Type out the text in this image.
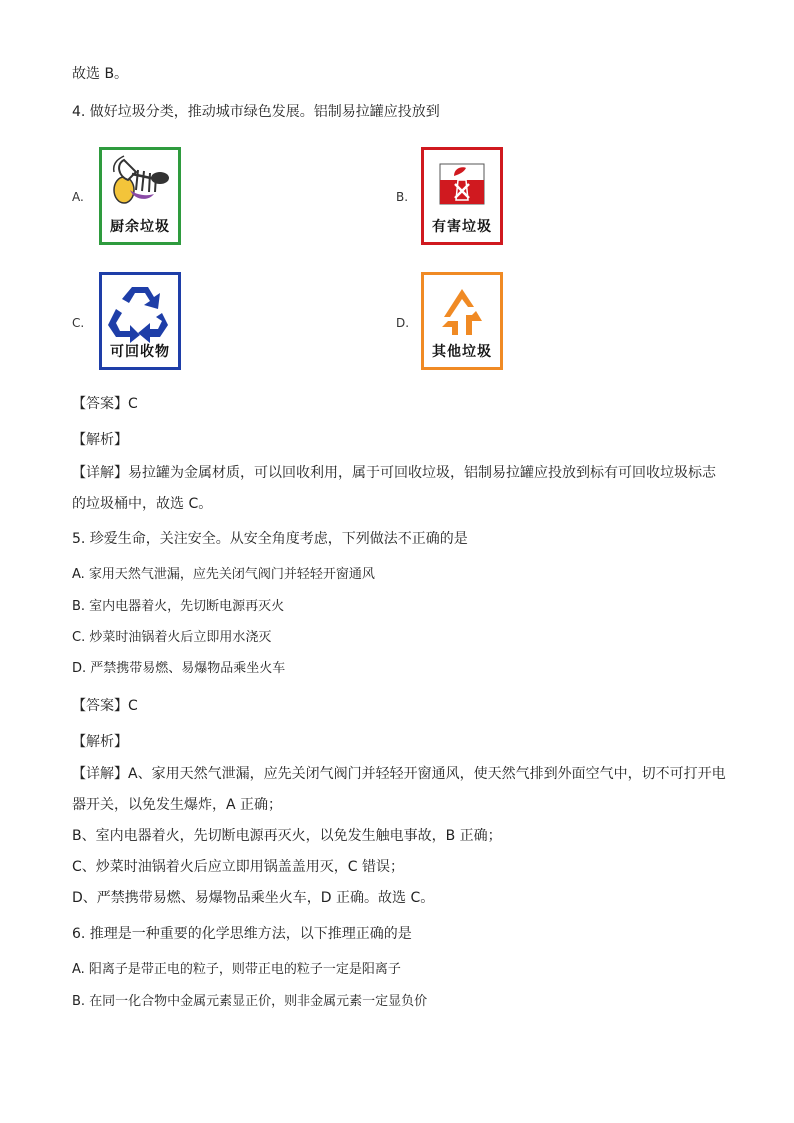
故选 B。
4. 做好垃圾分类，推动城市绿色发展。铝制易拉罐应投放到
A.
厨余垃圾
B.
有害垃圾
C.
可回收物
D.
其他垃圾
【答案】C
【解析】
【详解】易拉罐为金属材质，可以回收利用，属于可回收垃圾，铝制易拉罐应投放到标有可回收垃圾标志
的垃圾桶中，故选 C。
5. 珍爱生命，关注安全。从安全角度考虑，下列做法不正确的是
A. 家用天然气泄漏，应先关闭气阀门并轻轻开窗通风
B. 室内电器着火，先切断电源再灭火
C. 炒菜时油锅着火后立即用水浇灭
D. 严禁携带易燃、易爆物品乘坐火车
【答案】C
【解析】
【详解】A、家用天然气泄漏，应先关闭气阀门并轻轻开窗通风，使天然气排到外面空气中，切不可打开电
器开关，以免发生爆炸，A 正确；
B、室内电器着火，先切断电源再灭火，以免发生触电事故，B 正确；
C、炒菜时油锅着火后应立即用锅盖盖用灭，C 错误；
D、严禁携带易燃、易爆物品乘坐火车，D 正确。故选 C。
6. 推理是一种重要的化学思维方法，以下推理正确的是
A. 阳离子是带正电的粒子，则带正电的粒子一定是阳离子
B. 在同一化合物中金属元素显正价，则非金属元素一定显负价
